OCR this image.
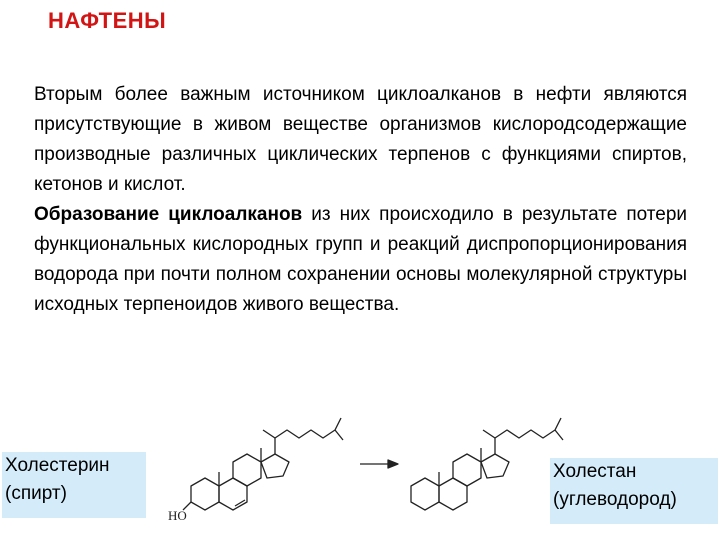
НАФТЕНЫ

Вторым более важным источником циклоалканов в нефти являются присутствующие в живом веществе организмов кислородсодержащие производные различных циклических терпенов с функциями спиртов, кетонов и кислот.

Образование циклоалканов из них происходило в результате потери функциональных кислородных групп и реакций диспропорционирования водорода при почти полном сохранении основы молекулярной структуры исходных терпеноидов живого вещества.

Холестерин
(спирт)
Холестан
(углеводород)
HO
